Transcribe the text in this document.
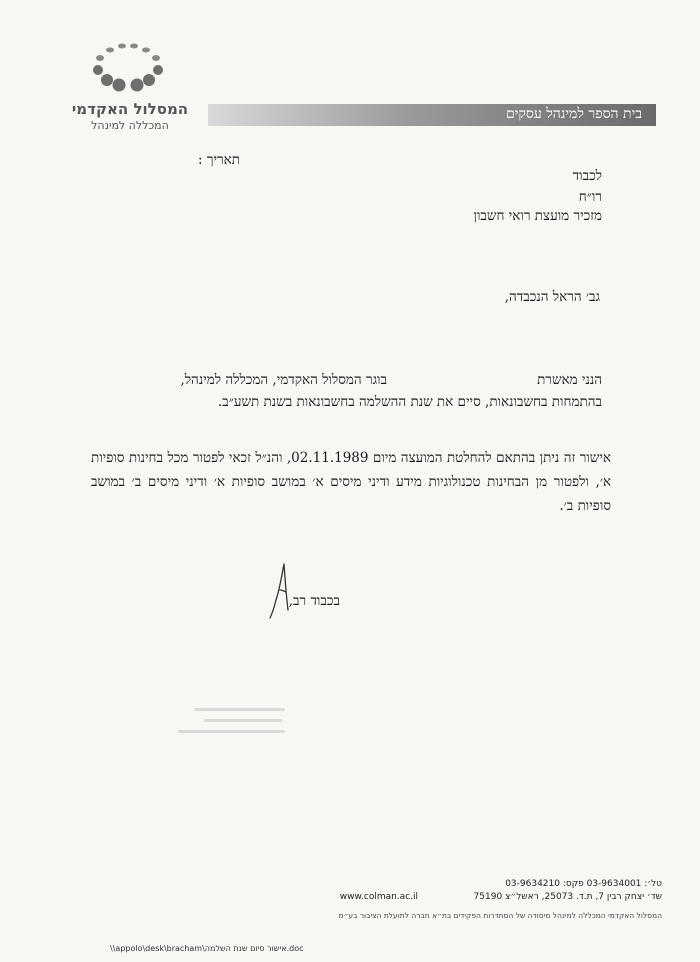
המסלול האקדמי
המכללה למינהל
בית הספר למינהל עסקים
תאריך :
לכבוד
רו״ח
מזכיר מועצת רואי חשבון
גב׳ הראל הנכבדה,
הנני מאשרת
בוגר המסלול האקדמי, המכללה למינהל,
בהתמחות בחשבונאות, סיים את שנת ההשלמה בחשבונאות בשנת תשע״ב.
אישור זה ניתן בהתאם להחלטת המועצה מיום 02.11.1989, והנ״ל זכאי לפטור מכל בחינות סופיות א׳, ולפטור מן הבחינות טכנולוגיות מידע ודיני מיסים א׳ במושב סופיות א׳ ודיני מיסים ב׳ במושב סופיות ב׳.
בכבוד רב,
טל׳: 03-9634001 פקס: 03-9634210
שד׳ יצחק רבין 7, ת.ד. 25073, ראשל״צ 75190
www.colman.ac.il
המסלול האקדמי המכללה למינהל מיסודה של הסתדרות הפקידים בת״א חברה לתועלת הציבור בע״מ
\\appolo\desk\bracham\אישור סיום שנת השלמה.doc
